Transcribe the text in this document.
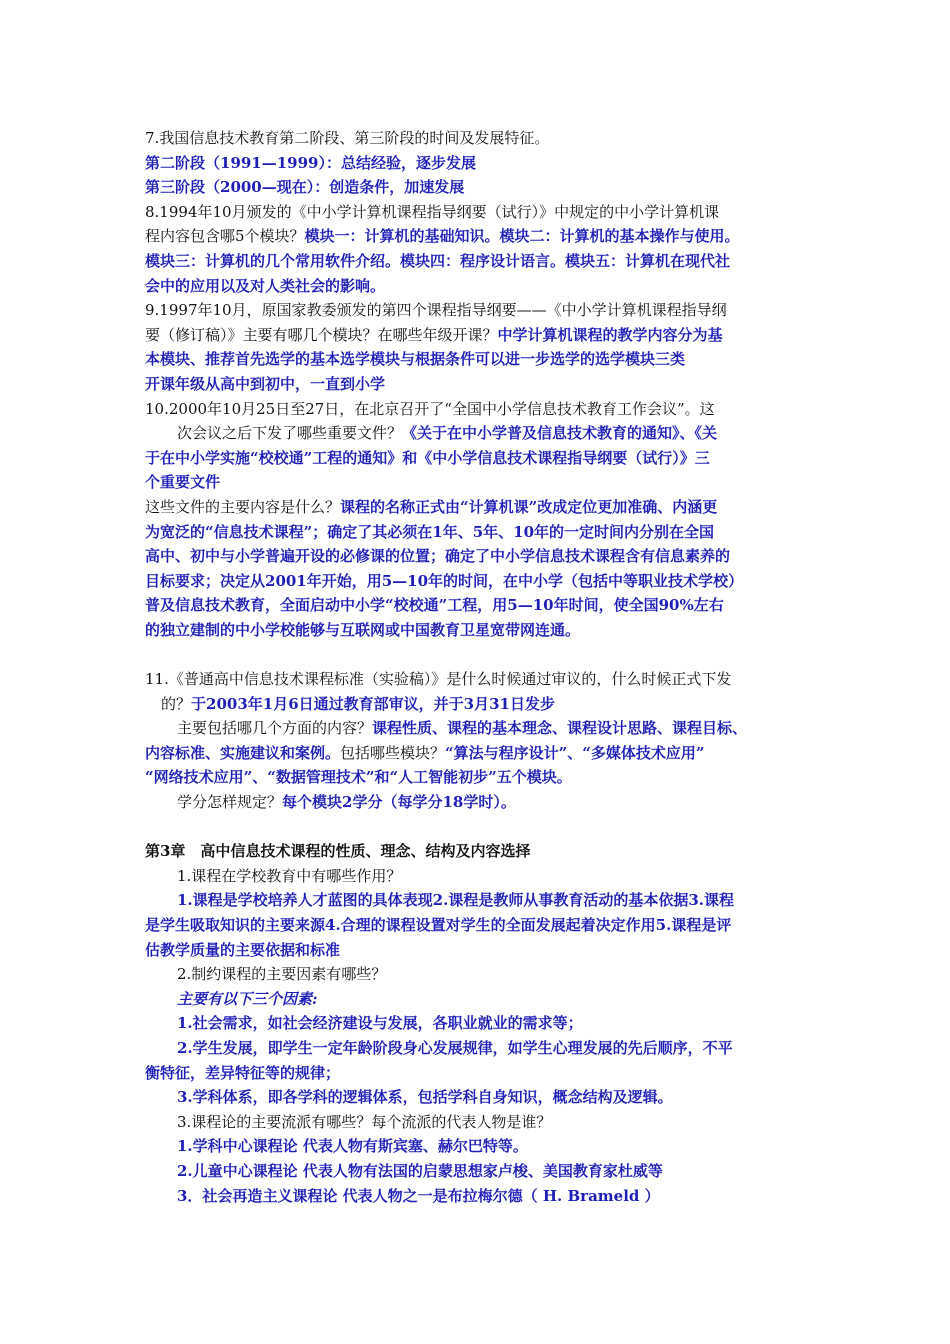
7.我国信息技术教育第二阶段、第三阶段的时间及发展特征。
第二阶段（1991—1999）：总结经验，逐步发展
第三阶段（2000—现在）：创造条件，加速发展
8.1994年10月颁发的《中小学计算机课程指导纲要（试行）》中规定的中小学计算机课
程内容包含哪5个模块？模块一：计算机的基础知识。模块二：计算机的基本操作与使用。
模块三：计算机的几个常用软件介绍。模块四：程序设计语言。模块五：计算机在现代社
会中的应用以及对人类社会的影响。
9.1997年10月，原国家教委颁发的第四个课程指导纲要——《中小学计算机课程指导纲
要（修订稿）》主要有哪几个模块？在哪些年级开课？中学计算机课程的教学内容分为基
本模块、推荐首先选学的基本选学模块与根据条件可以进一步选学的选学模块三类
开课年级从高中到初中，一直到小学
10.2000年10月25日至27日，在北京召开了“全国中小学信息技术教育工作会议”。这
次会议之后下发了哪些重要文件？《关于在中小学普及信息技术教育的通知》、《关
于在中小学实施“校校通”工程的通知》和《中小学信息技术课程指导纲要（试行）》三
个重要文件
这些文件的主要内容是什么？课程的名称正式由“计算机课”改成定位更加准确、内涵更
为宽泛的“信息技术课程”；确定了其必须在1年、5年、10年的一定时间内分别在全国
高中、初中与小学普遍开设的必修课的位置；确定了中小学信息技术课程含有信息素养的
目标要求；决定从2001年开始，用5—10年的时间，在中小学（包括中等职业技术学校）
普及信息技术教育，全面启动中小学“校校通”工程，用5—10年时间，使全国90%左右
的独立建制的中小学校能够与互联网或中国教育卫星宽带网连通。
11.《普通高中信息技术课程标准（实验稿）》是什么时候通过审议的，什么时候正式下发
的？于2003年1月6日通过教育部审议，并于3月31日发步
主要包括哪几个方面的内容？课程性质、课程的基本理念、课程设计思路、课程目标、
内容标准、实施建议和案例。包括哪些模块？“算法与程序设计”、“多媒体技术应用”
“网络技术应用”、“数据管理技术”和“人工智能初步”五个模块。
学分怎样规定？每个模块2学分（每学分18学时）。
第3章　高中信息技术课程的性质、理念、结构及内容选择
1.课程在学校教育中有哪些作用？
1.课程是学校培养人才蓝图的具体表现2.课程是教师从事教育活动的基本依据3.课程
是学生吸取知识的主要来源4.合理的课程设置对学生的全面发展起着决定作用5.课程是评
估教学质量的主要依据和标准
2.制约课程的主要因素有哪些？
主要有以下三个因素:
1.社会需求，如社会经济建设与发展，各职业就业的需求等；
2.学生发展，即学生一定年龄阶段身心发展规律，如学生心理发展的先后顺序，不平
衡特征，差异特征等的规律；
3.学科体系，即各学科的逻辑体系，包括学科自身知识，概念结构及逻辑。
3.课程论的主要流派有哪些？每个流派的代表人物是谁？
1.学科中心课程论 代表人物有斯宾塞、赫尔巴特等。
2.儿童中心课程论 代表人物有法国的启蒙思想家卢梭、美国教育家杜威等
3．社会再造主义课程论 代表人物之一是布拉梅尔德（ H. Brameld ）
